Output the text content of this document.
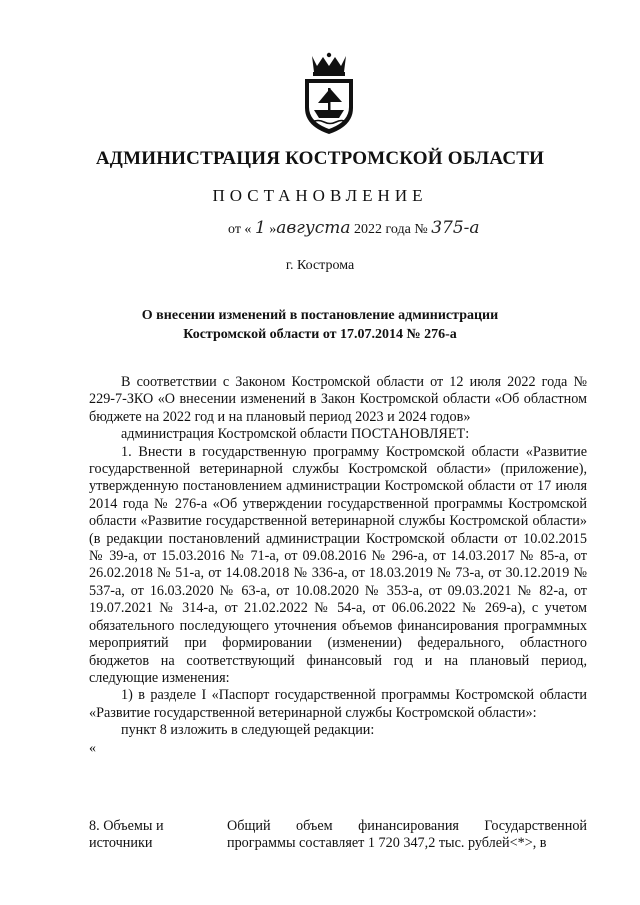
АДМИНИСТРАЦИЯ КОСТРОМСКОЙ ОБЛАСТИ
ПОСТАНОВЛЕНИЕ
от « 1 »августа 2022 года № 375-а
г. Кострома
О внесении изменений в постановление администрации
Костромской области от 17.07.2014 № 276-а

В соответствии с Законом Костромской области от 12 июля 2022 года № 229-7-ЗКО «О внесении изменений в Закон Костромской области «Об областном бюджете на 2022 год и на плановый период 2023 и 2024 годов»

администрация Костромской области ПОСТАНОВЛЯЕТ:

1. Внести в государственную программу Костромской области «Развитие государственной ветеринарной службы Костромской области» (приложение), утвержденную постановлением администрации Костромской области от 17 июля 2014 года № 276-а «Об утверждении государственной программы Костромской области «Развитие государственной ветеринарной службы Костромской области» (в редакции постановлений администрации Костромской области от 10.02.2015 № 39-а, от 15.03.2016 № 71-а, от 09.08.2016 № 296-а, от 14.03.2017 № 85-а, от 26.02.2018 № 51-а, от 14.08.2018 № 336-а, от 18.03.2019 № 73-а, от 30.12.2019 № 537-а, от 16.03.2020 № 63-а, от 10.08.2020 № 353-а, от 09.03.2021 № 82-а, от 19.07.2021 № 314-а, от 21.02.2022 № 54-а, от 06.06.2022 № 269-а), с учетом обязательного последующего уточнения объемов финансирования программных мероприятий при формировании (изменении) федерального, областного бюджетов на соответствующий финансовый год и на плановый период, следующие изменения:

1) в разделе I «Паспорт государственной программы Костромской области «Развитие государственной ветеринарной службы Костромской области»:

пункт 8 изложить в следующей редакции:

«

8. Объемы и
источники
Общий объем финансирования Государственной программы составляет 1 720 347,2 тыс. рублей<*>, в
